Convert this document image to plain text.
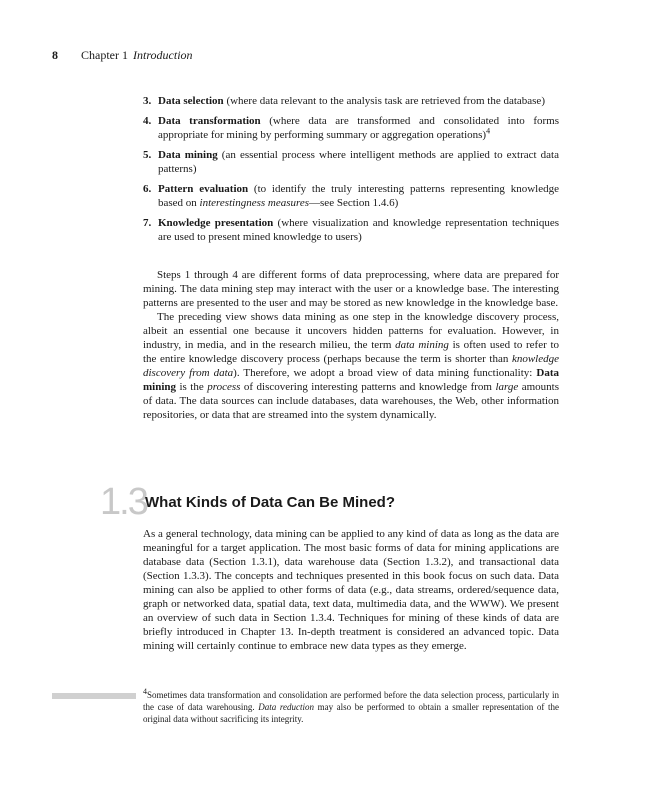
8 Chapter 1 Introduction
3. Data selection (where data relevant to the analysis task are retrieved from the database)
4. Data transformation (where data are transformed and consolidated into forms appropriate for mining by performing summary or aggregation operations)$^4$
5. Data mining (an essential process where intelligent methods are applied to extract data patterns)
6. Pattern evaluation (to identify the truly interesting patterns representing knowledge based on interestingness measures—see Section 1.4.6)
7. Knowledge presentation (where visualization and knowledge representation techniques are used to present mined knowledge to users)

Steps 1 through 4 are different forms of data preprocessing, where data are prepared for mining. The data mining step may interact with the user or a knowledge base. The interesting patterns are presented to the user and may be stored as new knowledge in the knowledge base.

The preceding view shows data mining as one step in the knowledge discovery process, albeit an essential one because it uncovers hidden patterns for evaluation. However, in industry, in media, and in the research milieu, the term data mining is often used to refer to the entire knowledge discovery process (perhaps because the term is shorter than knowledge discovery from data). Therefore, we adopt a broad view of data mining functionality: Data mining is the process of discovering interesting patterns and knowledge from large amounts of data. The data sources can include databases, data warehouses, the Web, other information repositories, or data that are streamed into the system dynamically.

1.3
What Kinds of Data Can Be Mined?

As a general technology, data mining can be applied to any kind of data as long as the data are meaningful for a target application. The most basic forms of data for mining applications are database data (Section 1.3.1), data warehouse data (Section 1.3.2), and transactional data (Section 1.3.3). The concepts and techniques presented in this book focus on such data. Data mining can also be applied to other forms of data (e.g., data streams, ordered/sequence data, graph or networked data, spatial data, text data, multimedia data, and the WWW). We present an overview of such data in Section 1.3.4. Techniques for mining of these kinds of data are briefly introduced in Chapter 13. In-depth treatment is considered an advanced topic. Data mining will certainly continue to embrace new data types as they emerge.

$^4$Sometimes data transformation and consolidation are performed before the data selection process, particularly in the case of data warehousing. Data reduction may also be performed to obtain a smaller representation of the original data without sacrificing its integrity.
